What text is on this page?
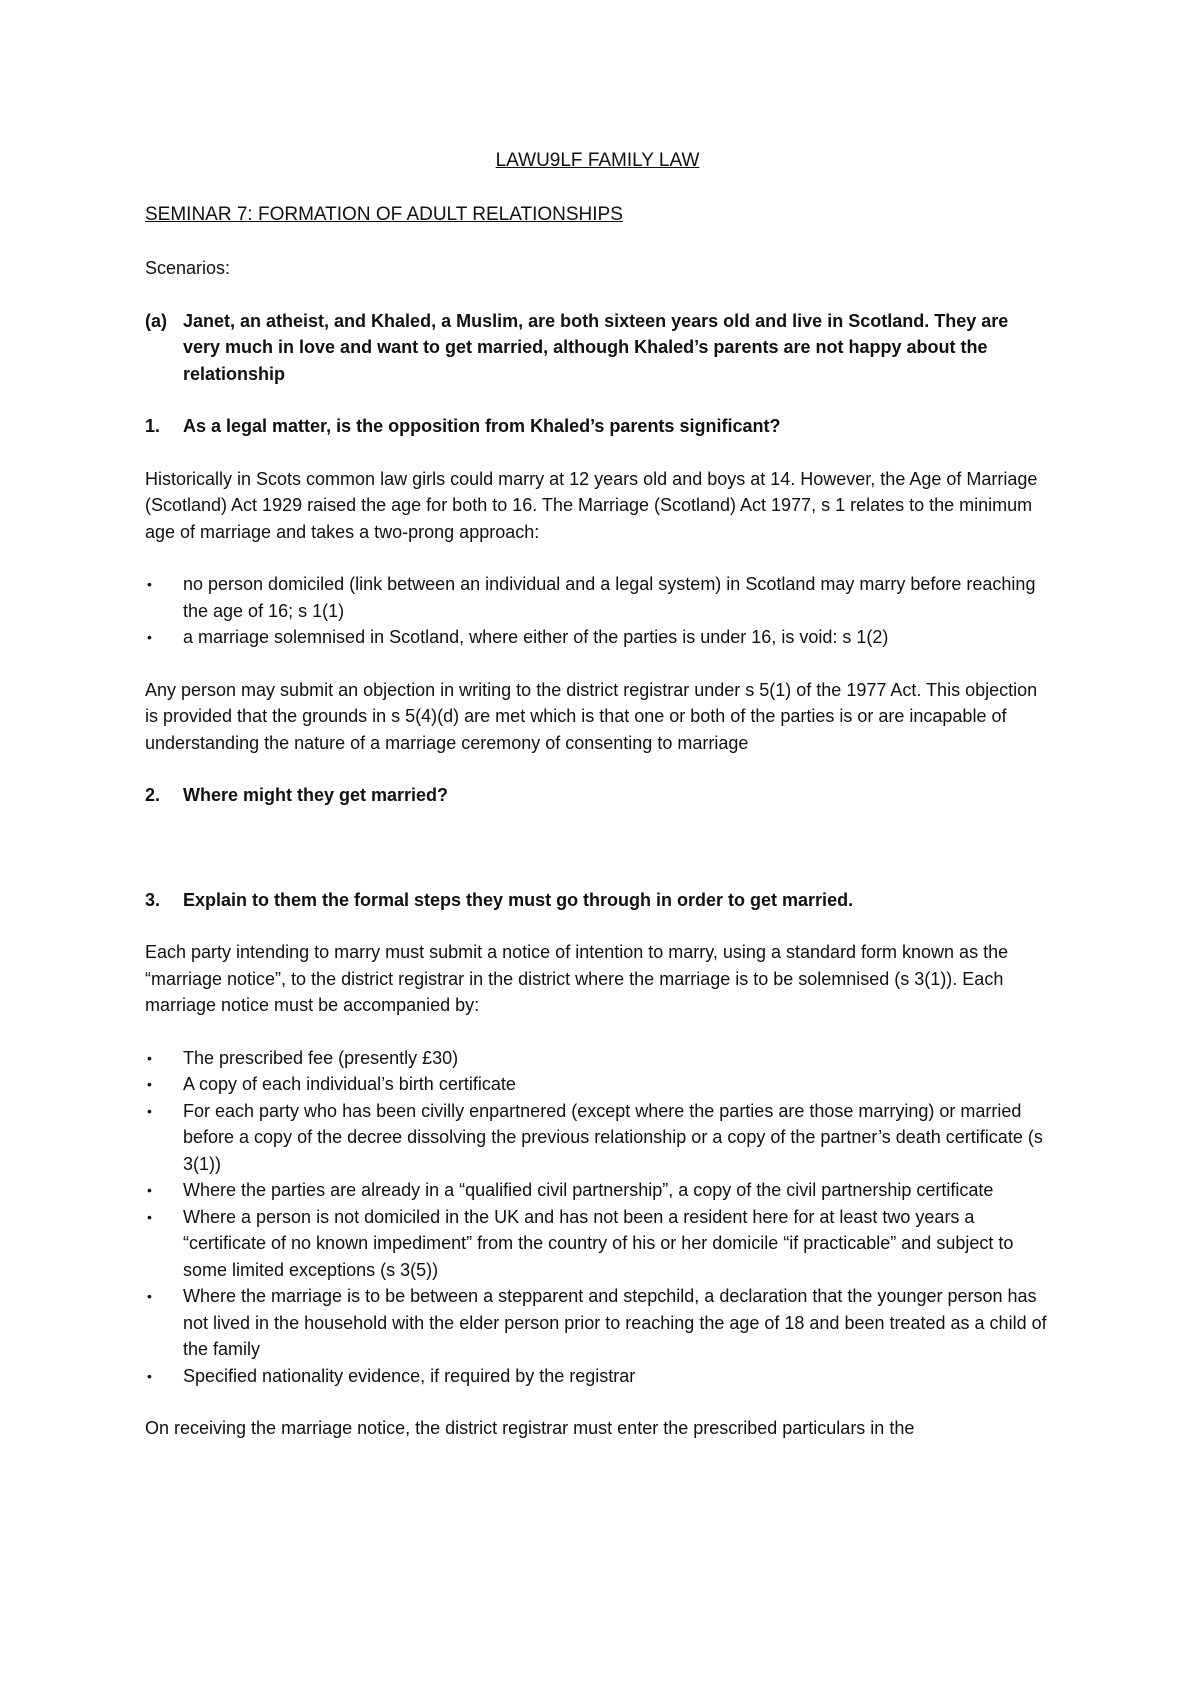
LAWU9LF FAMILY LAW
SEMINAR 7: FORMATION OF ADULT RELATIONSHIPS

Scenarios:

(a) Janet, an atheist, and Khaled, a Muslim, are both sixteen years old and live in Scotland. They are very much in love and want to get married, although Khaled’s parents are not happy about the relationship
1. As a legal matter, is the opposition from Khaled’s parents significant?

Historically in Scots common law girls could marry at 12 years old and boys at 14. However, the Age of Marriage (Scotland) Act 1929 raised the age for both to 16. The Marriage (Scotland) Act 1977, s 1 relates to the minimum age of marriage and takes a two-prong approach:

• no person domiciled (link between an individual and a legal system) in Scotland may marry before reaching the age of 16; s 1(1)
• a marriage solemnised in Scotland, where either of the parties is under 16, is void: s 1(2)

Any person may submit an objection in writing to the district registrar under s 5(1) of the 1977 Act. This objection is provided that the grounds in s 5(4)(d) are met which is that one or both of the parties is or are incapable of understanding the nature of a marriage ceremony of consenting to marriage

2. Where might they get married?
3. Explain to them the formal steps they must go through in order to get married.

Each party intending to marry must submit a notice of intention to marry, using a standard form known as the “marriage notice”, to the district registrar in the district where the marriage is to be solemnised (s 3(1)). Each marriage notice must be accompanied by:

• The prescribed fee (presently £30)
• A copy of each individual’s birth certificate
• For each party who has been civilly enpartnered (except where the parties are those marrying) or married before a copy of the decree dissolving the previous relationship or a copy of the partner’s death certificate (s 3(1))
• Where the parties are already in a “qualified civil partnership”, a copy of the civil partnership certificate
• Where a person is not domiciled in the UK and has not been a resident here for at least two years a “certificate of no known impediment” from the country of his or her domicile “if practicable” and subject to some limited exceptions (s 3(5))
• Where the marriage is to be between a stepparent and stepchild, a declaration that the younger person has not lived in the household with the elder person prior to reaching the age of 18 and been treated as a child of the family
• Specified nationality evidence, if required by the registrar

On receiving the marriage notice, the district registrar must enter the prescribed particulars in the
